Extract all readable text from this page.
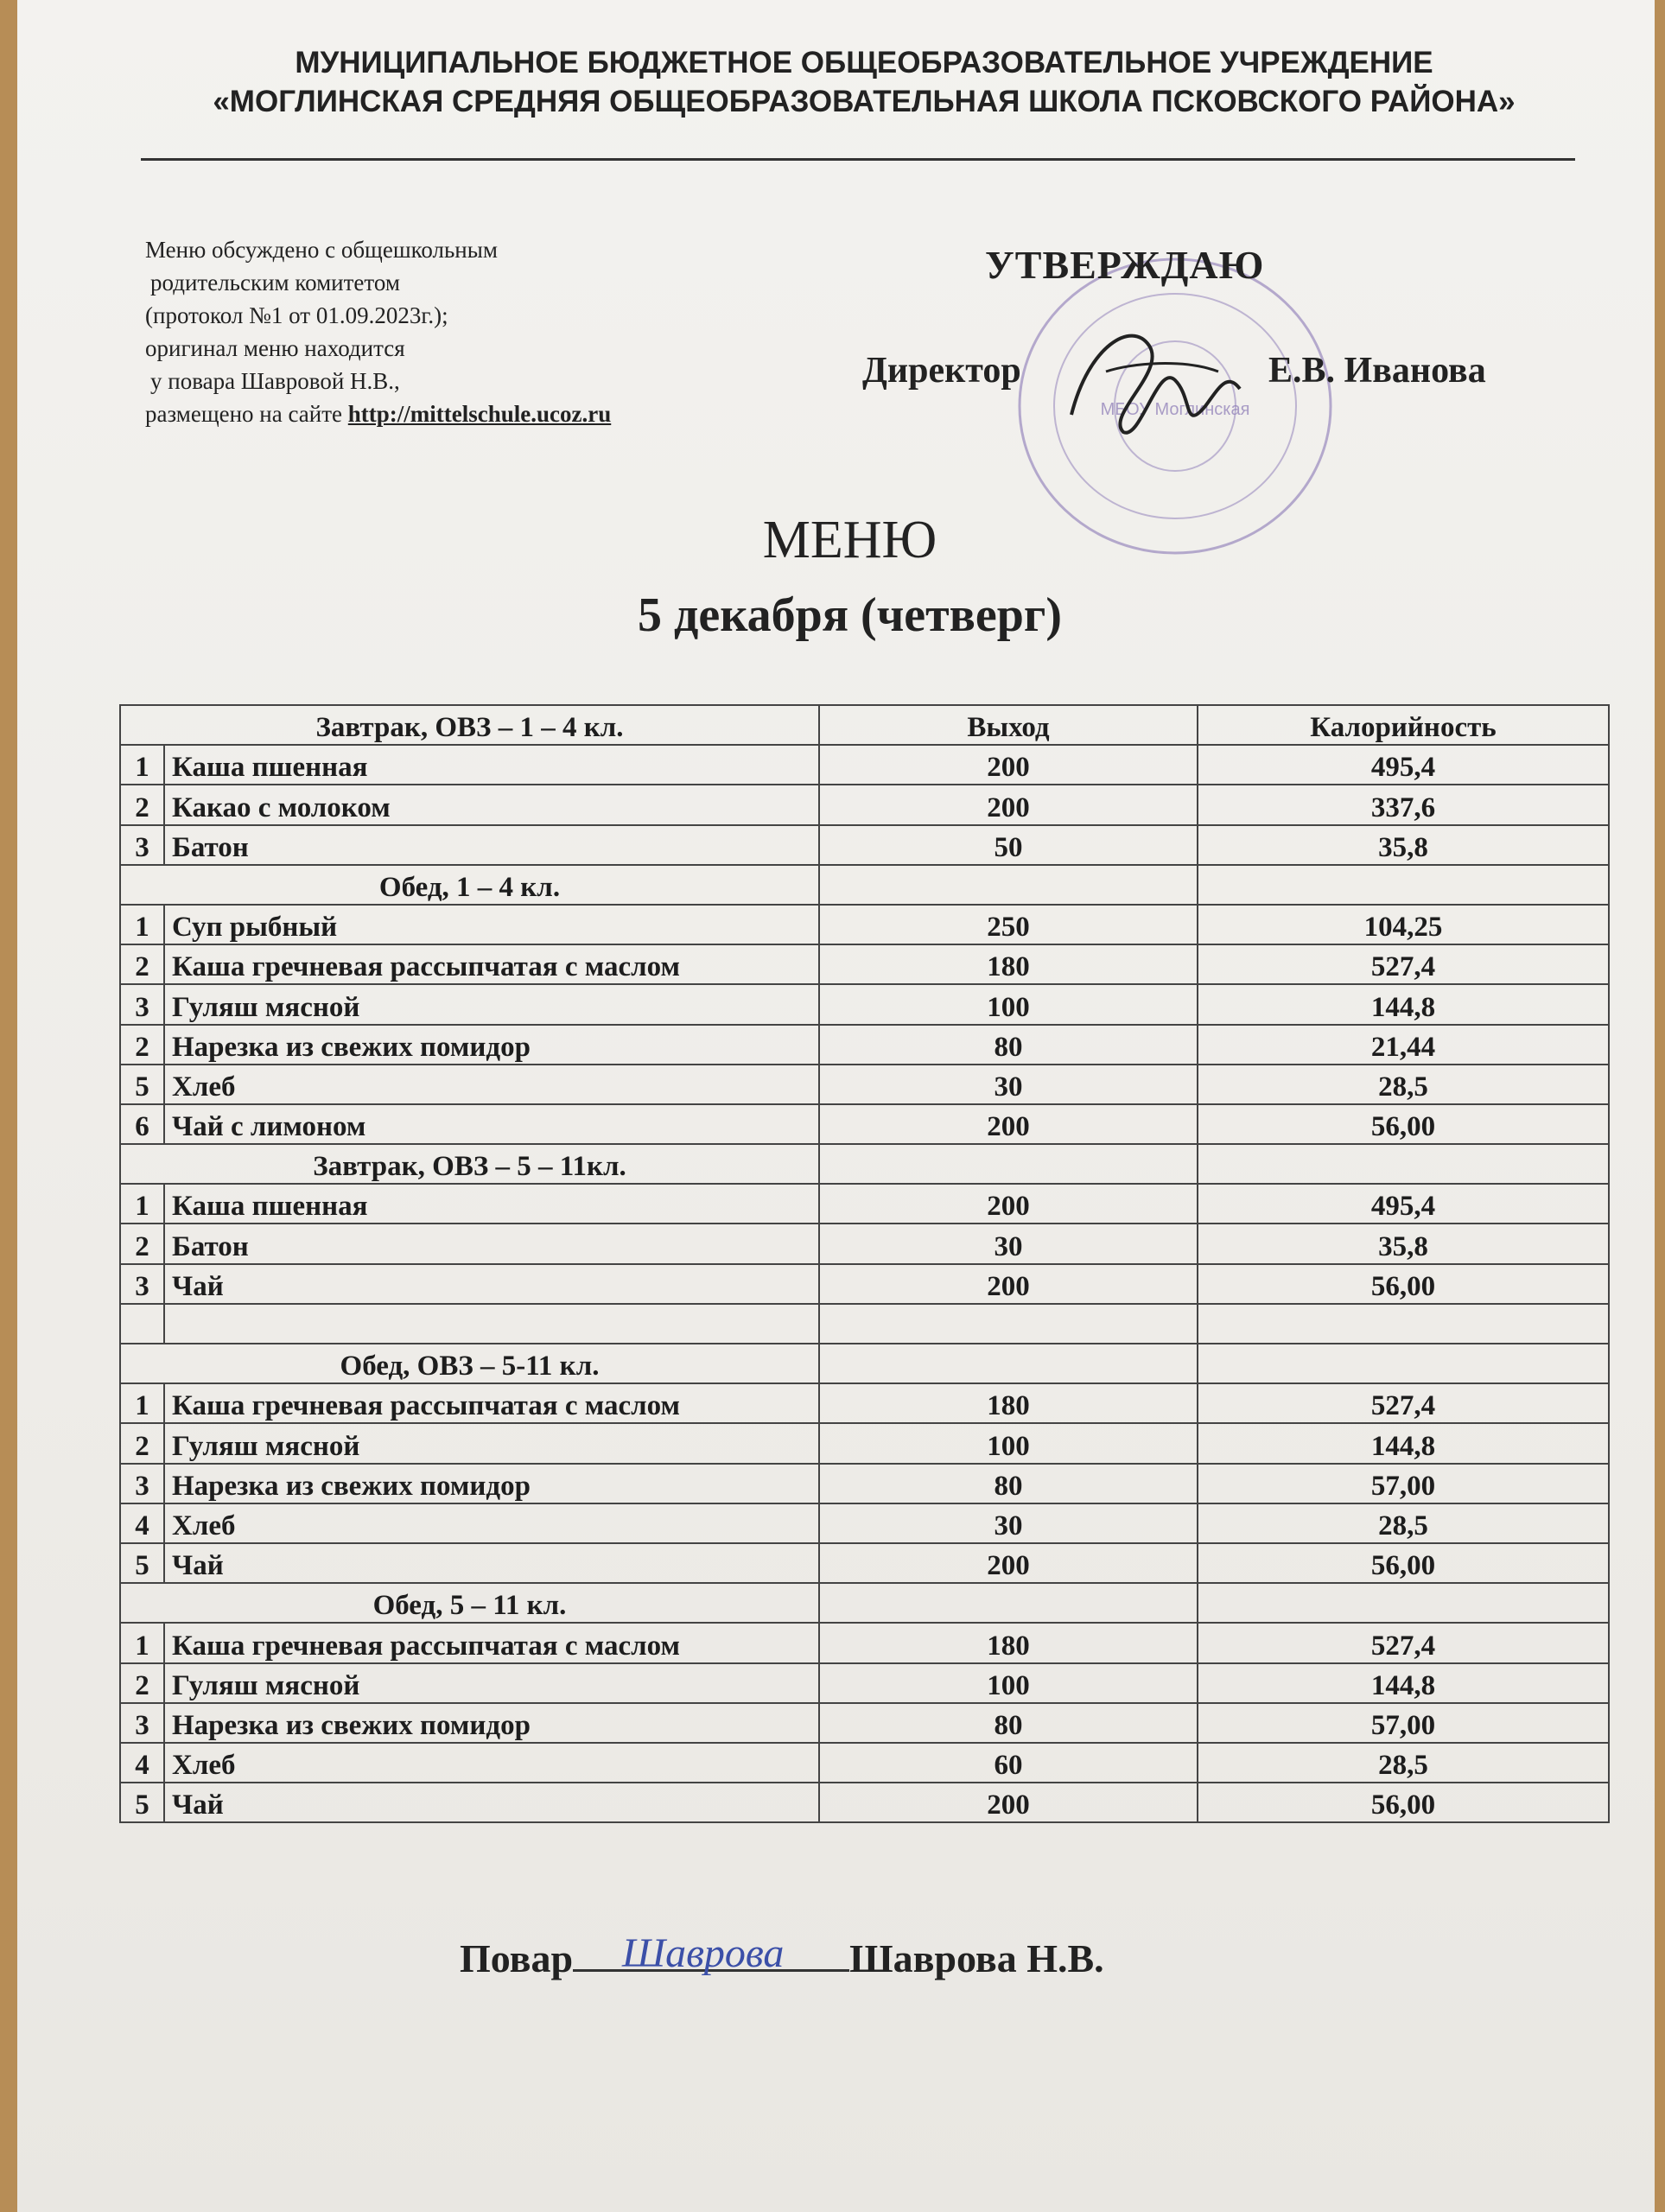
МУНИЦИПАЛЬНОЕ БЮДЖЕТНОЕ ОБЩЕОБРАЗОВАТЕЛЬНОЕ УЧРЕЖДЕНИЕ
«МОГЛИНСКАЯ СРЕДНЯЯ ОБЩЕОБРАЗОВАТЕЛЬНАЯ ШКОЛА ПСКОВСКОГО РАЙОНА»
Меню обсуждено с общешкольным
родительским комитетом
(протокол №1 от 01.09.2023г.);
оригинал меню находится
у повара Шавровой Н.В.,
размещено на сайте http://mittelschule.ucoz.ru	МБОУ Моглинская
УТВЕРЖДАЮ
Директор	Е.В. Иванова
МЕНЮ
5 декабря (четверг)
Завтрак, ОВЗ – 1 – 4 кл.		Выход	Калорийность
1	Каша пшенная	200	495,4
2	Какао с молоком	200	337,6
3	Батон	50	35,8
Обед, 1 – 4 кл.			
1	Суп рыбный	250	104,25
2	Каша гречневая рассыпчатая с маслом	180	527,4
3	Гуляш мясной	100	144,8
2	Нарезка из свежих помидор	80	21,44
5	Хлеб	30	28,5
6	Чай с лимоном	200	56,00
Завтрак, ОВЗ – 5 – 11кл.			
1	Каша пшенная	200	495,4
2	Батон	30	35,8
3	Чай	200	56,00

Обед, ОВЗ – 5-11 кл.			
1	Каша гречневая рассыпчатая с маслом	180	527,4
2	Гуляш мясной	100	144,8
3	Нарезка из свежих помидор	80	57,00
4	Хлеб	30	28,5
5	Чай	200	56,00
Обед, 5 – 11 кл.			
1	Каша гречневая рассыпчатая с маслом	180	527,4
2	Гуляш мясной	100	144,8
3	Нарезка из свежих помидор	80	57,00
4	Хлеб	60	28,5
5	Чай	200	56,00
Повар	Шаврова Н.В.
Шаврова
